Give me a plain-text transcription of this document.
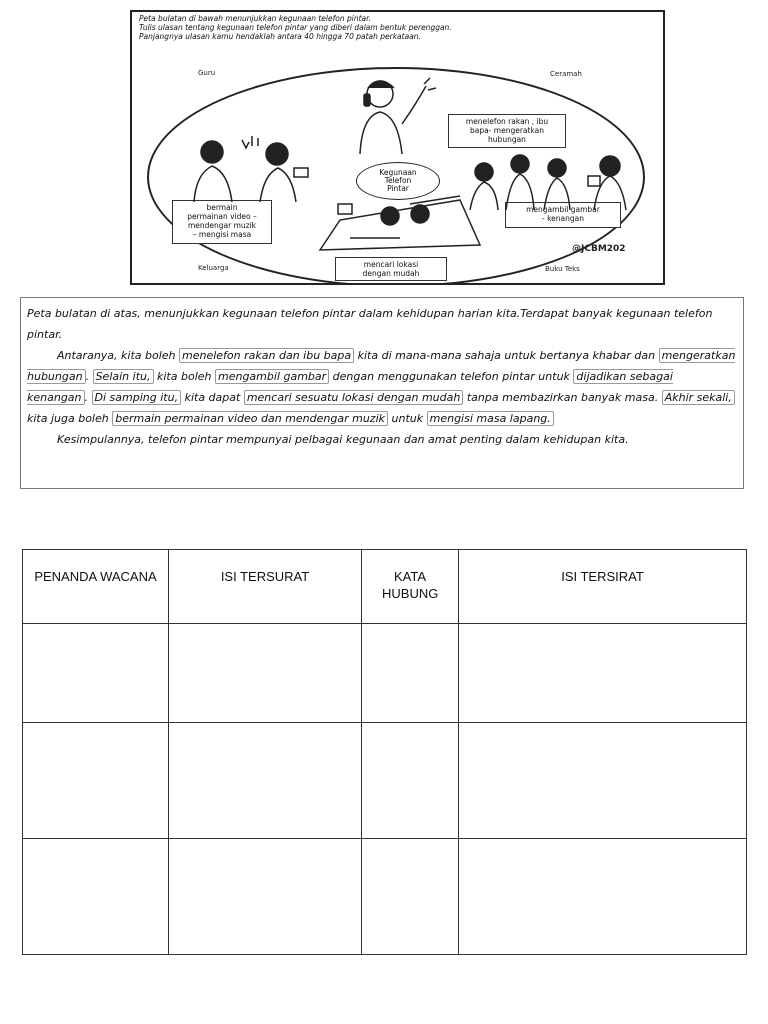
Peta bulatan di bawah menunjukkan kegunaan telefon pintar.
Tulis ulasan tentang kegunaan telefon pintar yang diberi dalam bentuk perenggan.
Panjangnya ulasan kamu hendaklah antara 40 hingga 70 patah perkataan.
Guru	Ceramah
Keluarga	Buku Teks
Kegunaan
Telefon
Pintar
menelefon rakan , ibu
bapa- mengeratkan
hubungan
bermain
permainan video –
mendengar muzik
– mengisi masa
mengambil gambar
- kenangan
mencari lokasi
dengan mudah
@JCBM202

Peta bulatan di atas, menunjukkan kegunaan telefon pintar dalam kehidupan harian kita.Terdapat banyak kegunaan telefon pintar.

Antaranya, kita boleh menelefon rakan dan ibu bapa kita di mana-mana sahaja untuk bertanya khabar dan mengeratkan hubungan . Selain itu, kita boleh mengambil gambar dengan menggunakan telefon pintar untuk dijadikan sebagai kenangan . Di samping itu, kita dapat mencari sesuatu lokasi dengan mudah tanpa membazirkan banyak masa. Akhir sekali, kita juga boleh bermain permainan video dan mendengar muzik untuk mengisi masa lapang.

Kesimpulannya, telefon pintar mempunyai pelbagai kegunaan dan amat penting dalam kehidupan kita.

PENANDA WACANA	ISI TERSURAT	KATA HUBUNG	ISI TERSIRAT
